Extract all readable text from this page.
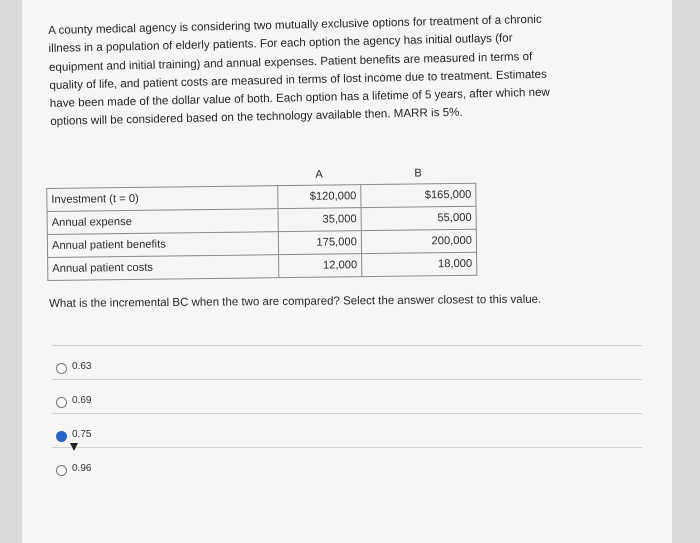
A county medical agency is considering two mutually exclusive options for treatment of a chronic
illness in a population of elderly patients. For each option the agency has initial outlays (for
equipment and initial training) and annual expenses. Patient benefits are measured in terms of
quality of life, and patient costs are measured in terms of lost income due to treatment. Estimates
have been made of the dollar value of both. Each option has a lifetime of 5 years, after which new
options will be considered based on the technology available then. MARR is 5%.
	A	B
Investment (t = 0)	$120,000	$165,000
Annual expense	35,000	55,000
Annual patient benefits	175,000	200,000
Annual patient costs	12,000	18,000
What is the incremental BC when the two are compared? Select the answer closest to this value.
0.63
0.69
0.75
0.96
